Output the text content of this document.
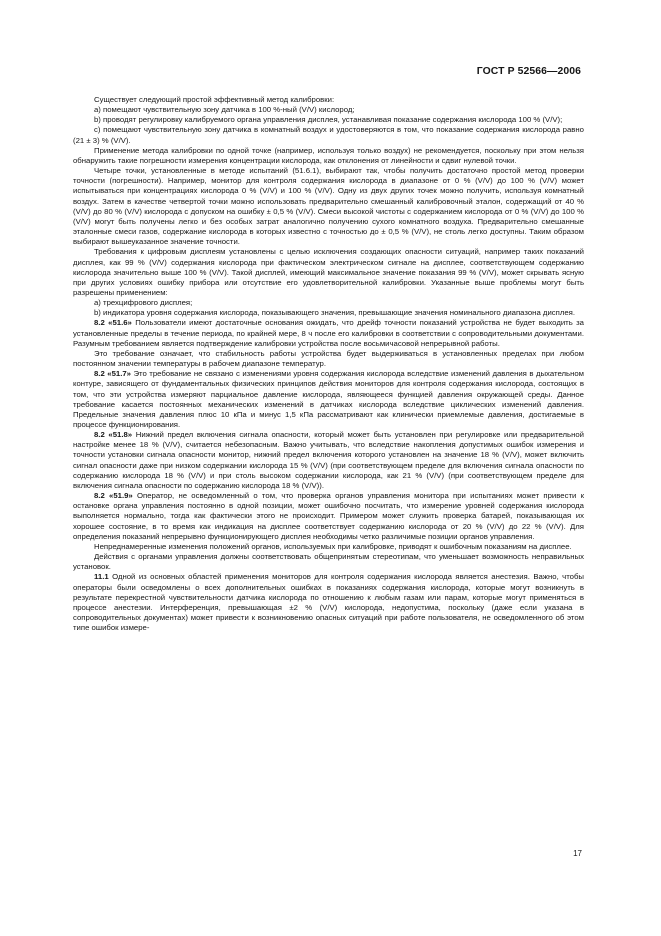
ГОСТ Р 52566—2006

Существует следующий простой эффективный метод калибровки:

а) помещают чувствительную зону датчика в 100 %-ный (V/V) кислород;

b) проводят регулировку калибруемого органа управления дисплея, устанавливая показание содержания кислорода 100 % (V/V);

с) помещают чувствительную зону датчика в комнатный воздух и удостоверяются в том, что показание содержания кислорода равно (21 ± 3) % (V/V).

Применение метода калибровки по одной точке (например, используя только воздух) не рекомендуется, поскольку при этом нельзя обнаружить такие погрешности измерения концентрации кислорода, как отклонения от линейности и сдвиг нулевой точки.

Четыре точки, установленные в методе испытаний (51.6.1), выбирают так, чтобы получить достаточно простой метод проверки точности (погрешности). Например, монитор для контроля содержания кислорода в диапазоне от 0 % (V/V) до 100 % (V/V) может испытываться при концентрациях кислорода 0 % (V/V) и 100 % (V/V). Одну из двух других точек можно получить, используя комнатный воздух. Затем в качестве четвертой точки можно использовать предварительно смешанный калибровочный эталон, содержащий от 40 % (V/V) до 80 % (V/V) кислорода с допуском на ошибку ± 0,5 % (V/V). Смеси высокой чистоты с содержанием кислорода от 0 % (V/V) до 100 % (V/V) могут быть получены легко и без особых затрат аналогично получению сухого комнатного воздуха. Предварительно смешанные эталонные смеси газов, содержание кислорода в которых известно с точностью до ± 0,5 % (V/V), не столь легко доступны. Таким образом выбирают вышеуказанное значение точности.

Требования к цифровым дисплеям установлены с целью исключения создающих опасности ситуаций, например таких показаний дисплея, как 99 % (V/V) содержания кислорода при фактическом электрическом сигнале на дисплее, соответствующем содержанию кислорода значительно выше 100 % (V/V). Такой дисплей, имеющий максимальное значение показания 99 % (V/V), может скрывать ясную при других условиях ошибку прибора или отсутствие его удовлетворительной калибровки. Указанные выше проблемы могут быть разрешены применением:

а) трехцифрового дисплея;

b) индикатора уровня содержания кислорода, показывающего значения, превышающие значения номинального диапазона дисплея.

8.2 «51.6» Пользователи имеют достаточные основания ожидать, что дрейф точности показаний устройства не будет выходить за установленные пределы в течение периода, по крайней мере, 8 ч после его калибровки в соответствии с сопроводительными документами. Разумным требованием является подтверждение калибровки устройства после восьмичасовой непрерывной работы.

Это требование означает, что стабильность работы устройства будет выдерживаться в установленных пределах при любом постоянном значении температуры в рабочем диапазоне температур.

8.2 «51.7» Это требование не связано с изменениями уровня содержания кислорода вследствие изменений давления в дыхательном контуре, зависящего от фундаментальных физических принципов действия мониторов для контроля содержания кислорода, состоящих в том, что эти устройства измеряют парциальное давление кислорода, являющееся функцией давления окружающей среды. Данное требование касается постоянных механических изменений в датчиках кислорода вследствие циклических изменений давления. Предельные значения давления плюс 10 кПа и минус 1,5 кПа рассматривают как клинически приемлемые давления, достигаемые в процессе функционирования.

8.2 «51.8» Нижний предел включения сигнала опасности, который может быть установлен при регулировке или предварительной настройке менее 18 % (V/V), считается небезопасным. Важно учитывать, что вследствие накопления допустимых ошибок измерения и точности установки сигнала опасности монитор, нижний предел включения которого установлен на значение 18 % (V/V), может включить сигнал опасности даже при низком содержании кислорода 15 % (V/V) (при соответствующем пределе для включения сигнала опасности по содержанию кислорода 18 % (V/V) и при столь высоком содержании кислорода, как 21 % (V/V) (при соответствующем пределе для включения сигнала опасности по содержанию кислорода 18 % (V/V)).

8.2 «51.9» Оператор, не осведомленный о том, что проверка органов управления монитора при испытаниях может привести к остановке органа управления постоянно в одной позиции, может ошибочно посчитать, что измерение уровней содержания кислорода выполняется нормально, тогда как фактически этого не происходит. Примером может служить проверка батарей, показывающая их хорошее состояние, в то время как индикация на дисплее соответствует содержанию кислорода от 20 % (V/V) до 22 % (V/V). Для определения показаний непрерывно функционирующего дисплея необходимы четко различимые позиции органов управления.

Непреднамеренные изменения положений органов, используемых при калибровке, приводят к ошибочным показаниям на дисплее.

Действия с органами управления должны соответствовать общепринятым стереотипам, что уменьшает возможность неправильных установок.

11.1 Одной из основных областей применения мониторов для контроля содержания кислорода является анестезия. Важно, чтобы операторы были осведомлены о всех дополнительных ошибках в показаниях содержания кислорода, которые могут возникнуть в результате перекрестной чувствительности датчика кислорода по отношению к любым газам или парам, которые могут применяться в процессе анестезии. Интерференция, превышающая ±2 % (V/V) кислорода, недопустима, поскольку (даже если указана в сопроводительных документах) может привести к возникновению опасных ситуаций при работе пользователя, не осведомленного об этом типе ошибок измере-

17
